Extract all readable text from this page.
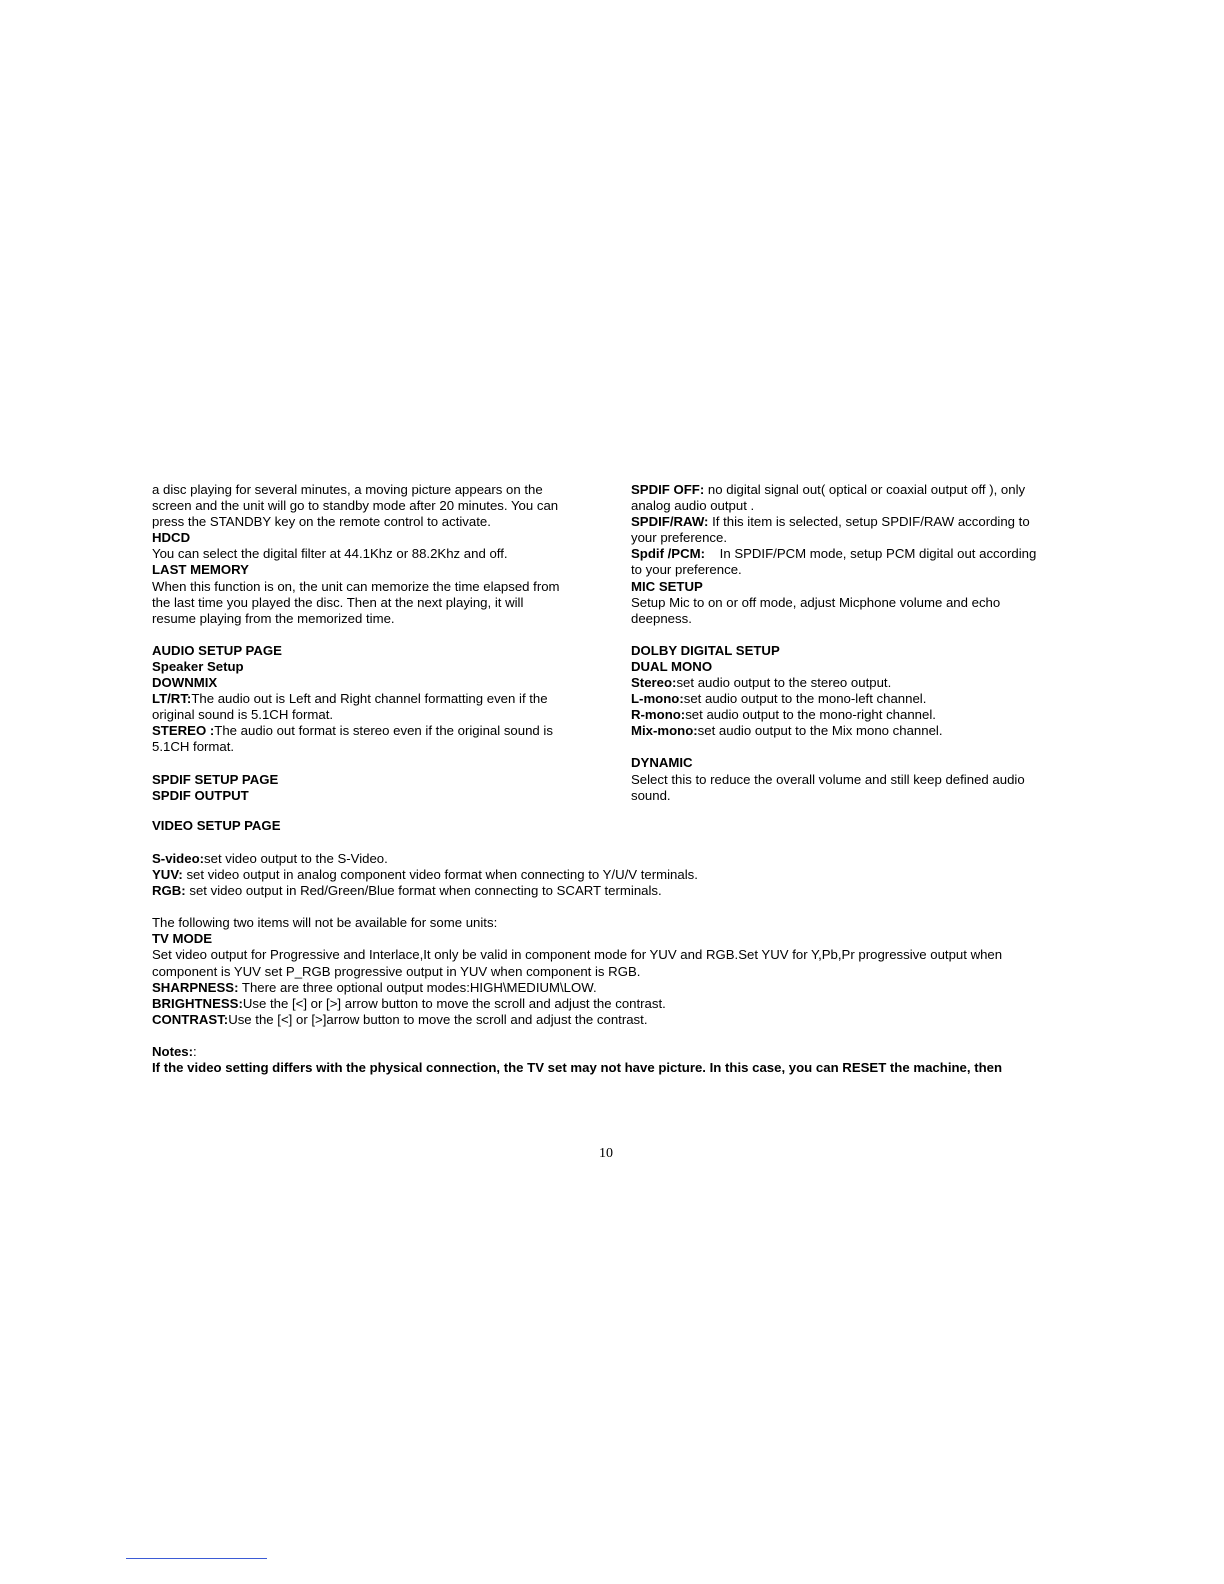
a disc playing for several minutes, a moving picture appears on the

screen and the unit will go to standby mode after 20 minutes. You can

press the STANDBY key on the remote control to activate.

HDCD

You can select the digital filter at 44.1Khz or 88.2Khz and off.

LAST MEMORY

When this function is on, the unit can memorize the time elapsed from

the last time you played the disc. Then at the next playing, it will

resume playing from the memorized time.

AUDIO SETUP PAGE

Speaker Setup

DOWNMIX

LT/RT:The audio out is Left and Right channel formatting even if the

original sound is 5.1CH format.

STEREO :The audio out format is stereo even if the original sound is

5.1CH format.

SPDIF SETUP PAGE

SPDIF OUTPUT

VIDEO SETUP PAGE

SPDIF OFF: no digital signal out( optical or coaxial output off ), only

analog audio output .

SPDIF/RAW: If this item is selected, setup SPDIF/RAW according to

your preference.

Spdif /PCM:    In SPDIF/PCM mode, setup PCM digital out according

to your preference.

MIC SETUP

Setup Mic to on or off mode, adjust Micphone volume and echo

deepness.

DOLBY DIGITAL SETUP

DUAL MONO

Stereo:set audio output to the stereo output.

L-mono:set audio output to the mono-left channel.

R-mono:set audio output to the mono-right channel.

Mix-mono:set audio output to the Mix mono channel.

DYNAMIC

Select this to reduce the overall volume and still keep defined audio

sound.

S-video:set video output to the S-Video.

YUV: set video output in analog component video format when connecting to Y/U/V terminals.

RGB: set video output in Red/Green/Blue format when connecting to SCART terminals.

The following two items will not be available for some units:

TV MODE

Set video output for Progressive and Interlace,It only be valid in component mode for YUV and RGB.Set YUV for Y,Pb,Pr progressive output when

component is YUV set P_RGB progressive output in YUV when component is RGB.

SHARPNESS: There are three optional output modes:HIGH\MEDIUM\LOW.

BRIGHTNESS:Use the [<] or [>] arrow button to move the scroll and adjust the contrast.

CONTRAST:Use the [<] or [>]arrow button to move the scroll and adjust the contrast.

Notes::

If the video setting differs with the physical connection, the TV set may not have picture. In this case, you can RESET the machine, then

10
